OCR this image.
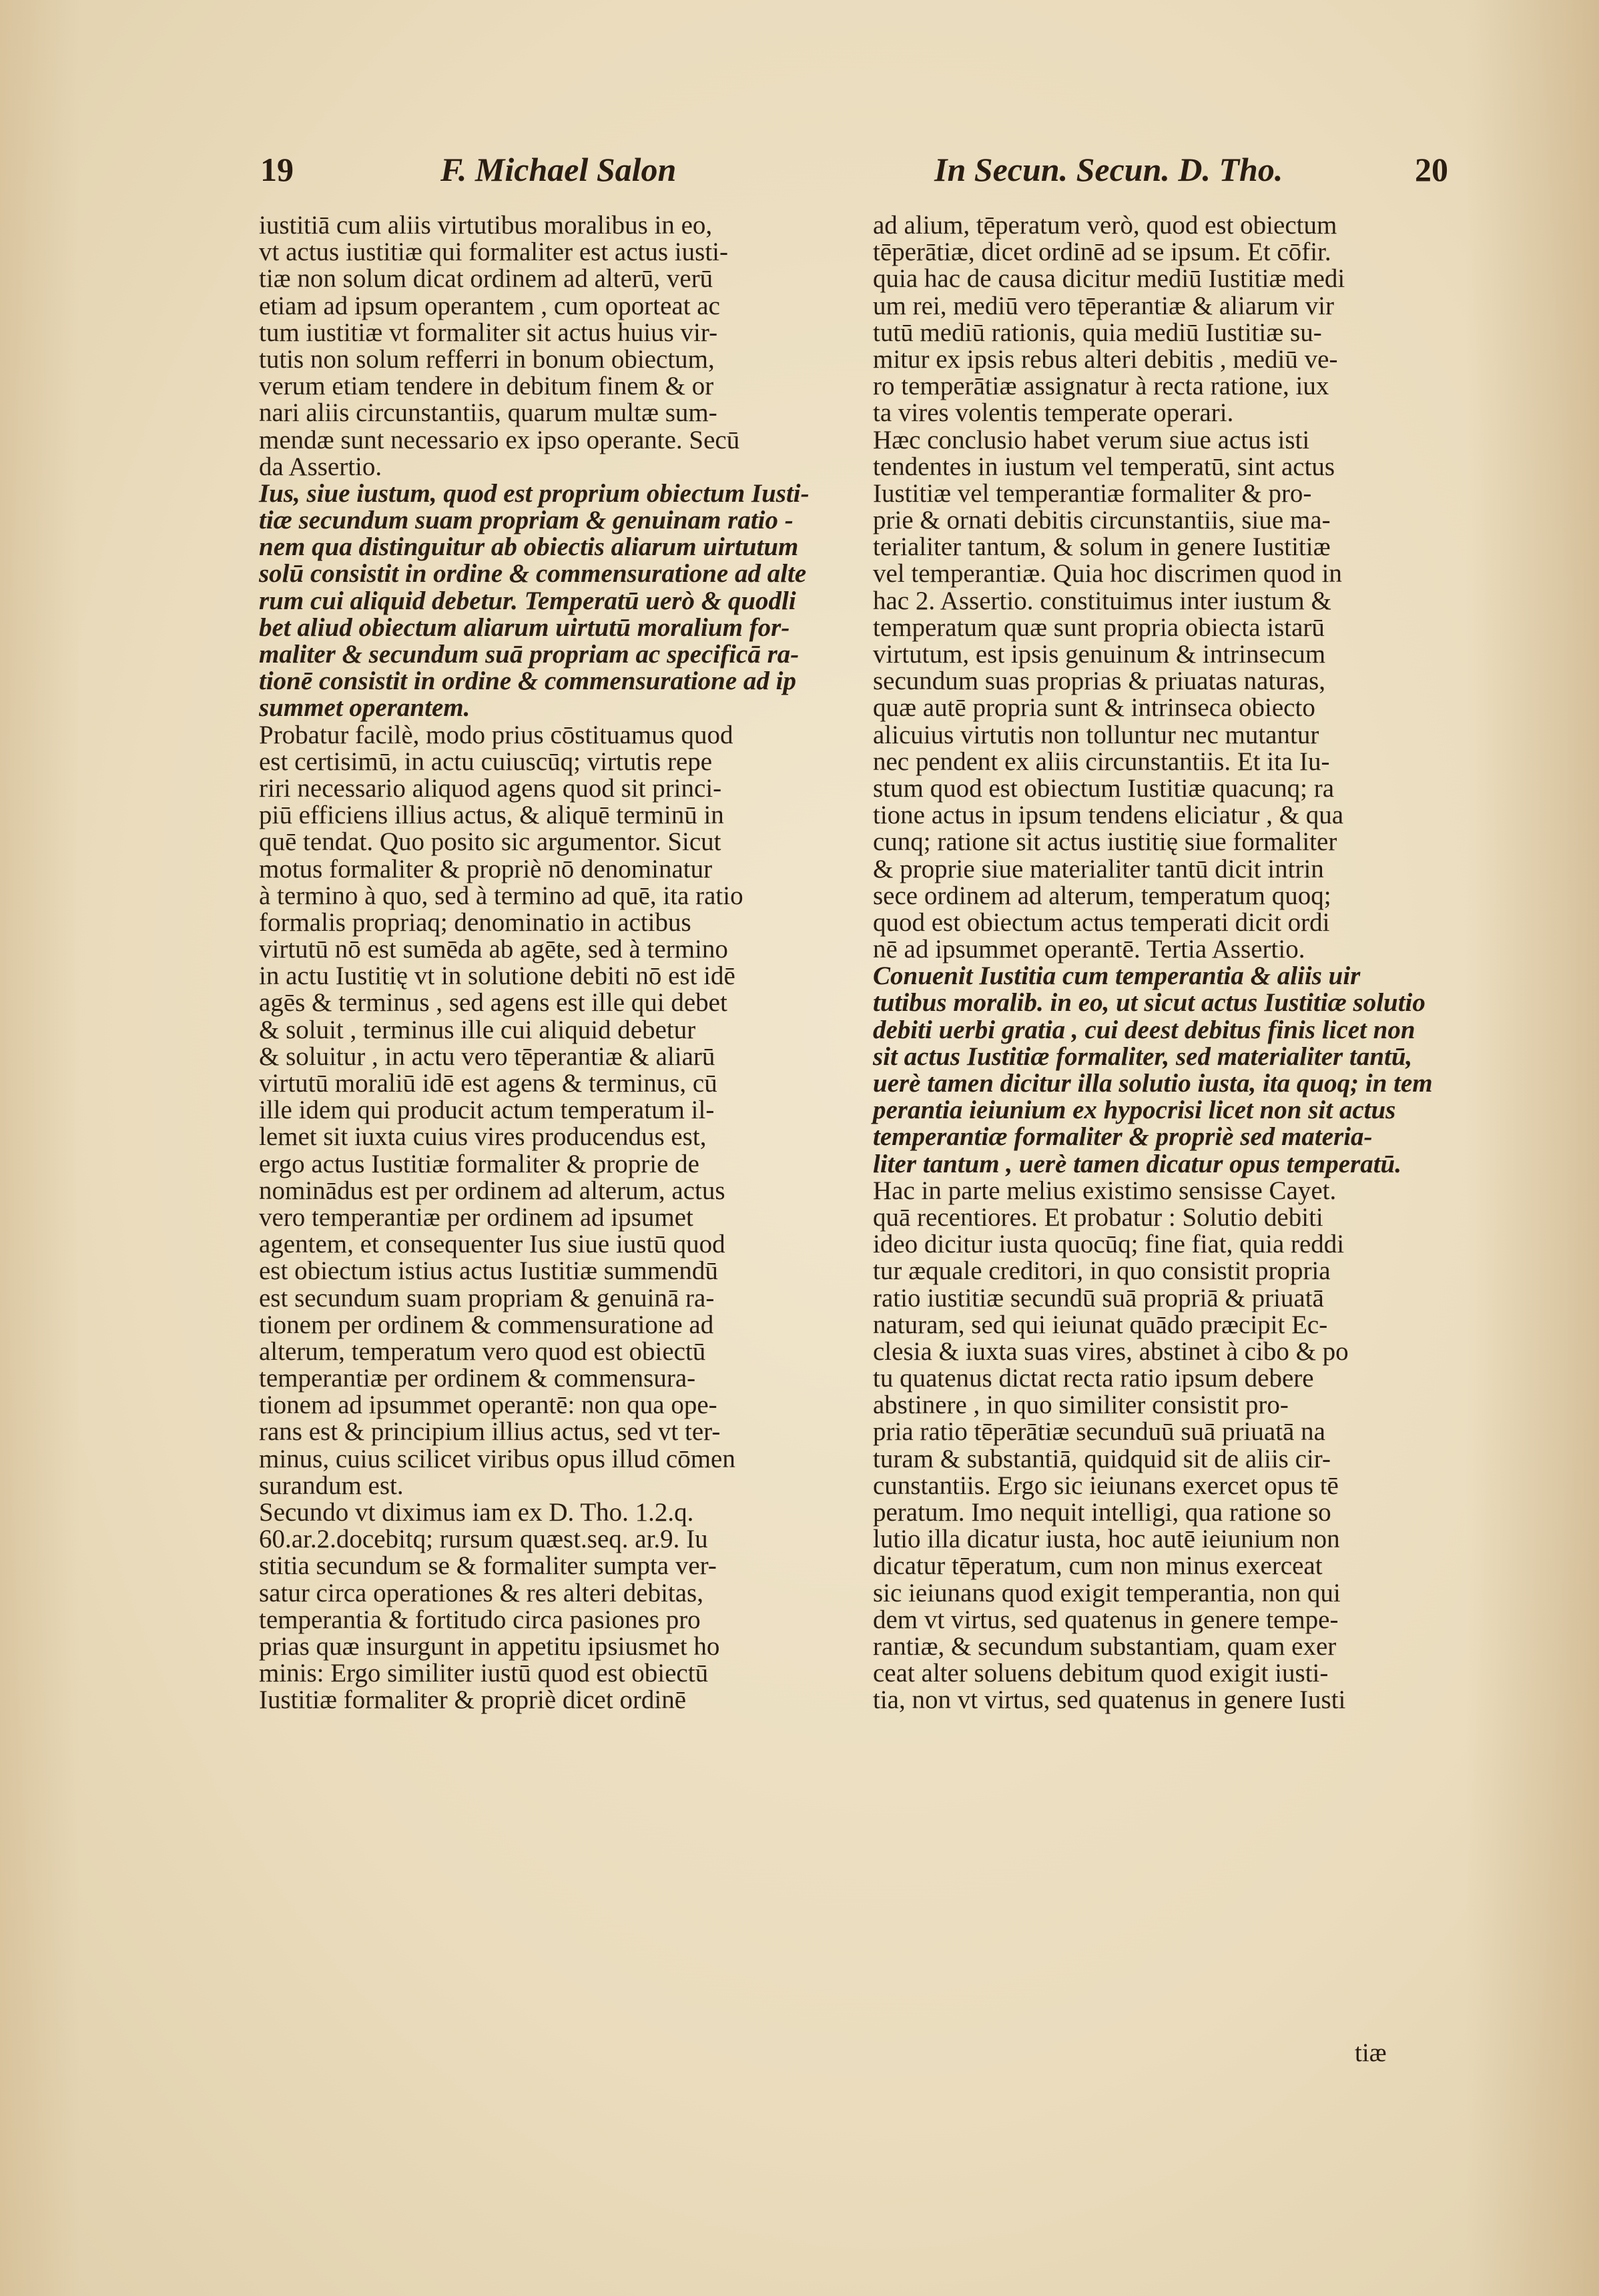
19	F. Michael Salon	In Secun. Secun. D. Tho.	20
iustitiā cum aliis virtutibus moralibus in eo,
vt actus iustitiæ qui formaliter est actus iusti-
tiæ non solum dicat ordinem ad alterū, verū
etiam ad ipsum operantem , cum oporteat ac
tum iustitiæ vt formaliter sit actus huius vir-
tutis non solum refferri in bonum obiectum,
verum etiam tendere in debitum finem & or
nari aliis circunstantiis, quarum multæ sum-
mendæ sunt necessario ex ipso operante. Secū
da Assertio.
Ius, siue iustum, quod est proprium obiectum Iusti-
tiæ secundum suam propriam & genuinam ratio -
nem qua distinguitur ab obiectis aliarum uirtutum
solū consistit in ordine & commensuratione ad alte
rum cui aliquid debetur. Temperatū uerò & quodli
bet aliud obiectum aliarum uirtutū moralium for-
maliter & secundum suā propriam ac specificā ra-
tionē consistit in ordine & commensuratione ad ip
summet operantem.
Probatur facilè, modo prius cōstituamus quod
est certisimū, in actu cuiuscūq; virtutis repe
riri necessario aliquod agens quod sit princi-
piū efficiens illius actus, & aliquē terminū in
quē tendat. Quo posito sic argumentor. Sicut
motus formaliter & propriè nō denominatur
à termino à quo, sed à termino ad quē, ita ratio
formalis propriaq; denominatio in actibus
virtutū nō est sumēda ab agēte, sed à termino
in actu Iustitię vt in solutione debiti nō est idē
agēs & terminus , sed agens est ille qui debet
& soluit , terminus ille cui aliquid debetur
& soluitur , in actu vero tēperantiæ & aliarū
virtutū moraliū idē est agens & terminus, cū
ille idem qui producit actum temperatum il-
lemet sit iuxta cuius vires producendus est,
ergo actus Iustitiæ formaliter & proprie de
nominādus est per ordinem ad alterum, actus
vero temperantiæ per ordinem ad ipsumet
agentem, et consequenter Ius siue iustū quod
est obiectum istius actus Iustitiæ summendū
est secundum suam propriam & genuinā ra-
tionem per ordinem & commensuratione ad
alterum, temperatum vero quod est obiectū
temperantiæ per ordinem & commensura-
tionem ad ipsummet operantē: non qua ope-
rans est & principium illius actus, sed vt ter-
minus, cuius scilicet viribus opus illud cōmen
surandum est.
Secundo vt diximus iam ex D. Tho. 1.2.q.
60.ar.2.docebitq; rursum quæst.seq. ar.9. Iu
stitia secundum se & formaliter sumpta ver-
satur circa operationes & res alteri debitas,
temperantia & fortitudo circa pasiones pro
prias quæ insurgunt in appetitu ipsiusmet ho
minis: Ergo similiter iustū quod est obiectū
Iustitiæ formaliter & propriè dicet ordinē
ad alium, tēperatum verò, quod est obiectum
tēperātiæ, dicet ordinē ad se ipsum. Et cōfir.
quia hac de causa dicitur mediū Iustitiæ medi
um rei, mediū vero tēperantiæ & aliarum vir
tutū mediū rationis, quia mediū Iustitiæ su-
mitur ex ipsis rebus alteri debitis , mediū ve-
ro temperātiæ assignatur à recta ratione, iux
ta vires volentis temperate operari.
Hæc conclusio habet verum siue actus isti
tendentes in iustum vel temperatū, sint actus
Iustitiæ vel temperantiæ formaliter & pro-
prie & ornati debitis circunstantiis, siue ma-
terialiter tantum, & solum in genere Iustitiæ
vel temperantiæ. Quia hoc discrimen quod in
hac 2. Assertio. constituimus inter iustum &
temperatum quæ sunt propria obiecta istarū
virtutum, est ipsis genuinum & intrinsecum
secundum suas proprias & priuatas naturas,
quæ autē propria sunt & intrinseca obiecto
alicuius virtutis non tolluntur nec mutantur
nec pendent ex aliis circunstantiis. Et ita Iu-
stum quod est obiectum Iustitiæ quacunq; ra
tione actus in ipsum tendens eliciatur , & qua
cunq; ratione sit actus iustitię siue formaliter
& proprie siue materialiter tantū dicit intrin
sece ordinem ad alterum, temperatum quoq;
quod est obiectum actus temperati dicit ordi
nē ad ipsummet operantē. Tertia Assertio.
Conuenit Iustitia cum temperantia & aliis uir
tutibus moralib. in eo, ut sicut actus Iustitiæ solutio
debiti uerbi gratia , cui deest debitus finis licet non
sit actus Iustitiæ formaliter, sed materialiter tantū,
uerè tamen dicitur illa solutio iusta, ita quoq; in tem
perantia ieiunium ex hypocrisi licet non sit actus
temperantiæ formaliter & propriè sed materia-
liter tantum , uerè tamen dicatur opus temperatū.
Hac in parte melius existimo sensisse Cayet.
quā recentiores. Et probatur : Solutio debiti
ideo dicitur iusta quocūq; fine fiat, quia reddi
tur æquale creditori, in quo consistit propria
ratio iustitiæ secundū suā propriā & priuatā
naturam, sed qui ieiunat quādo præcipit Ec-
clesia & iuxta suas vires, abstinet à cibo & po
tu quatenus dictat recta ratio ipsum debere
abstinere , in quo similiter consistit pro-
pria ratio tēperātiæ secunduū suā priuatā na
turam & substantiā, quidquid sit de aliis cir-
cunstantiis. Ergo sic ieiunans exercet opus tē
peratum. Imo nequit intelligi, qua ratione so
lutio illa dicatur iusta, hoc autē ieiunium non
dicatur tēperatum, cum non minus exerceat
sic ieiunans quod exigit temperantia, non qui
dem vt virtus, sed quatenus in genere tempe-
rantiæ, & secundum substantiam, quam exer
ceat alter soluens debitum quod exigit iusti-
tia, non vt virtus, sed quatenus in genere Iusti
tiæ
